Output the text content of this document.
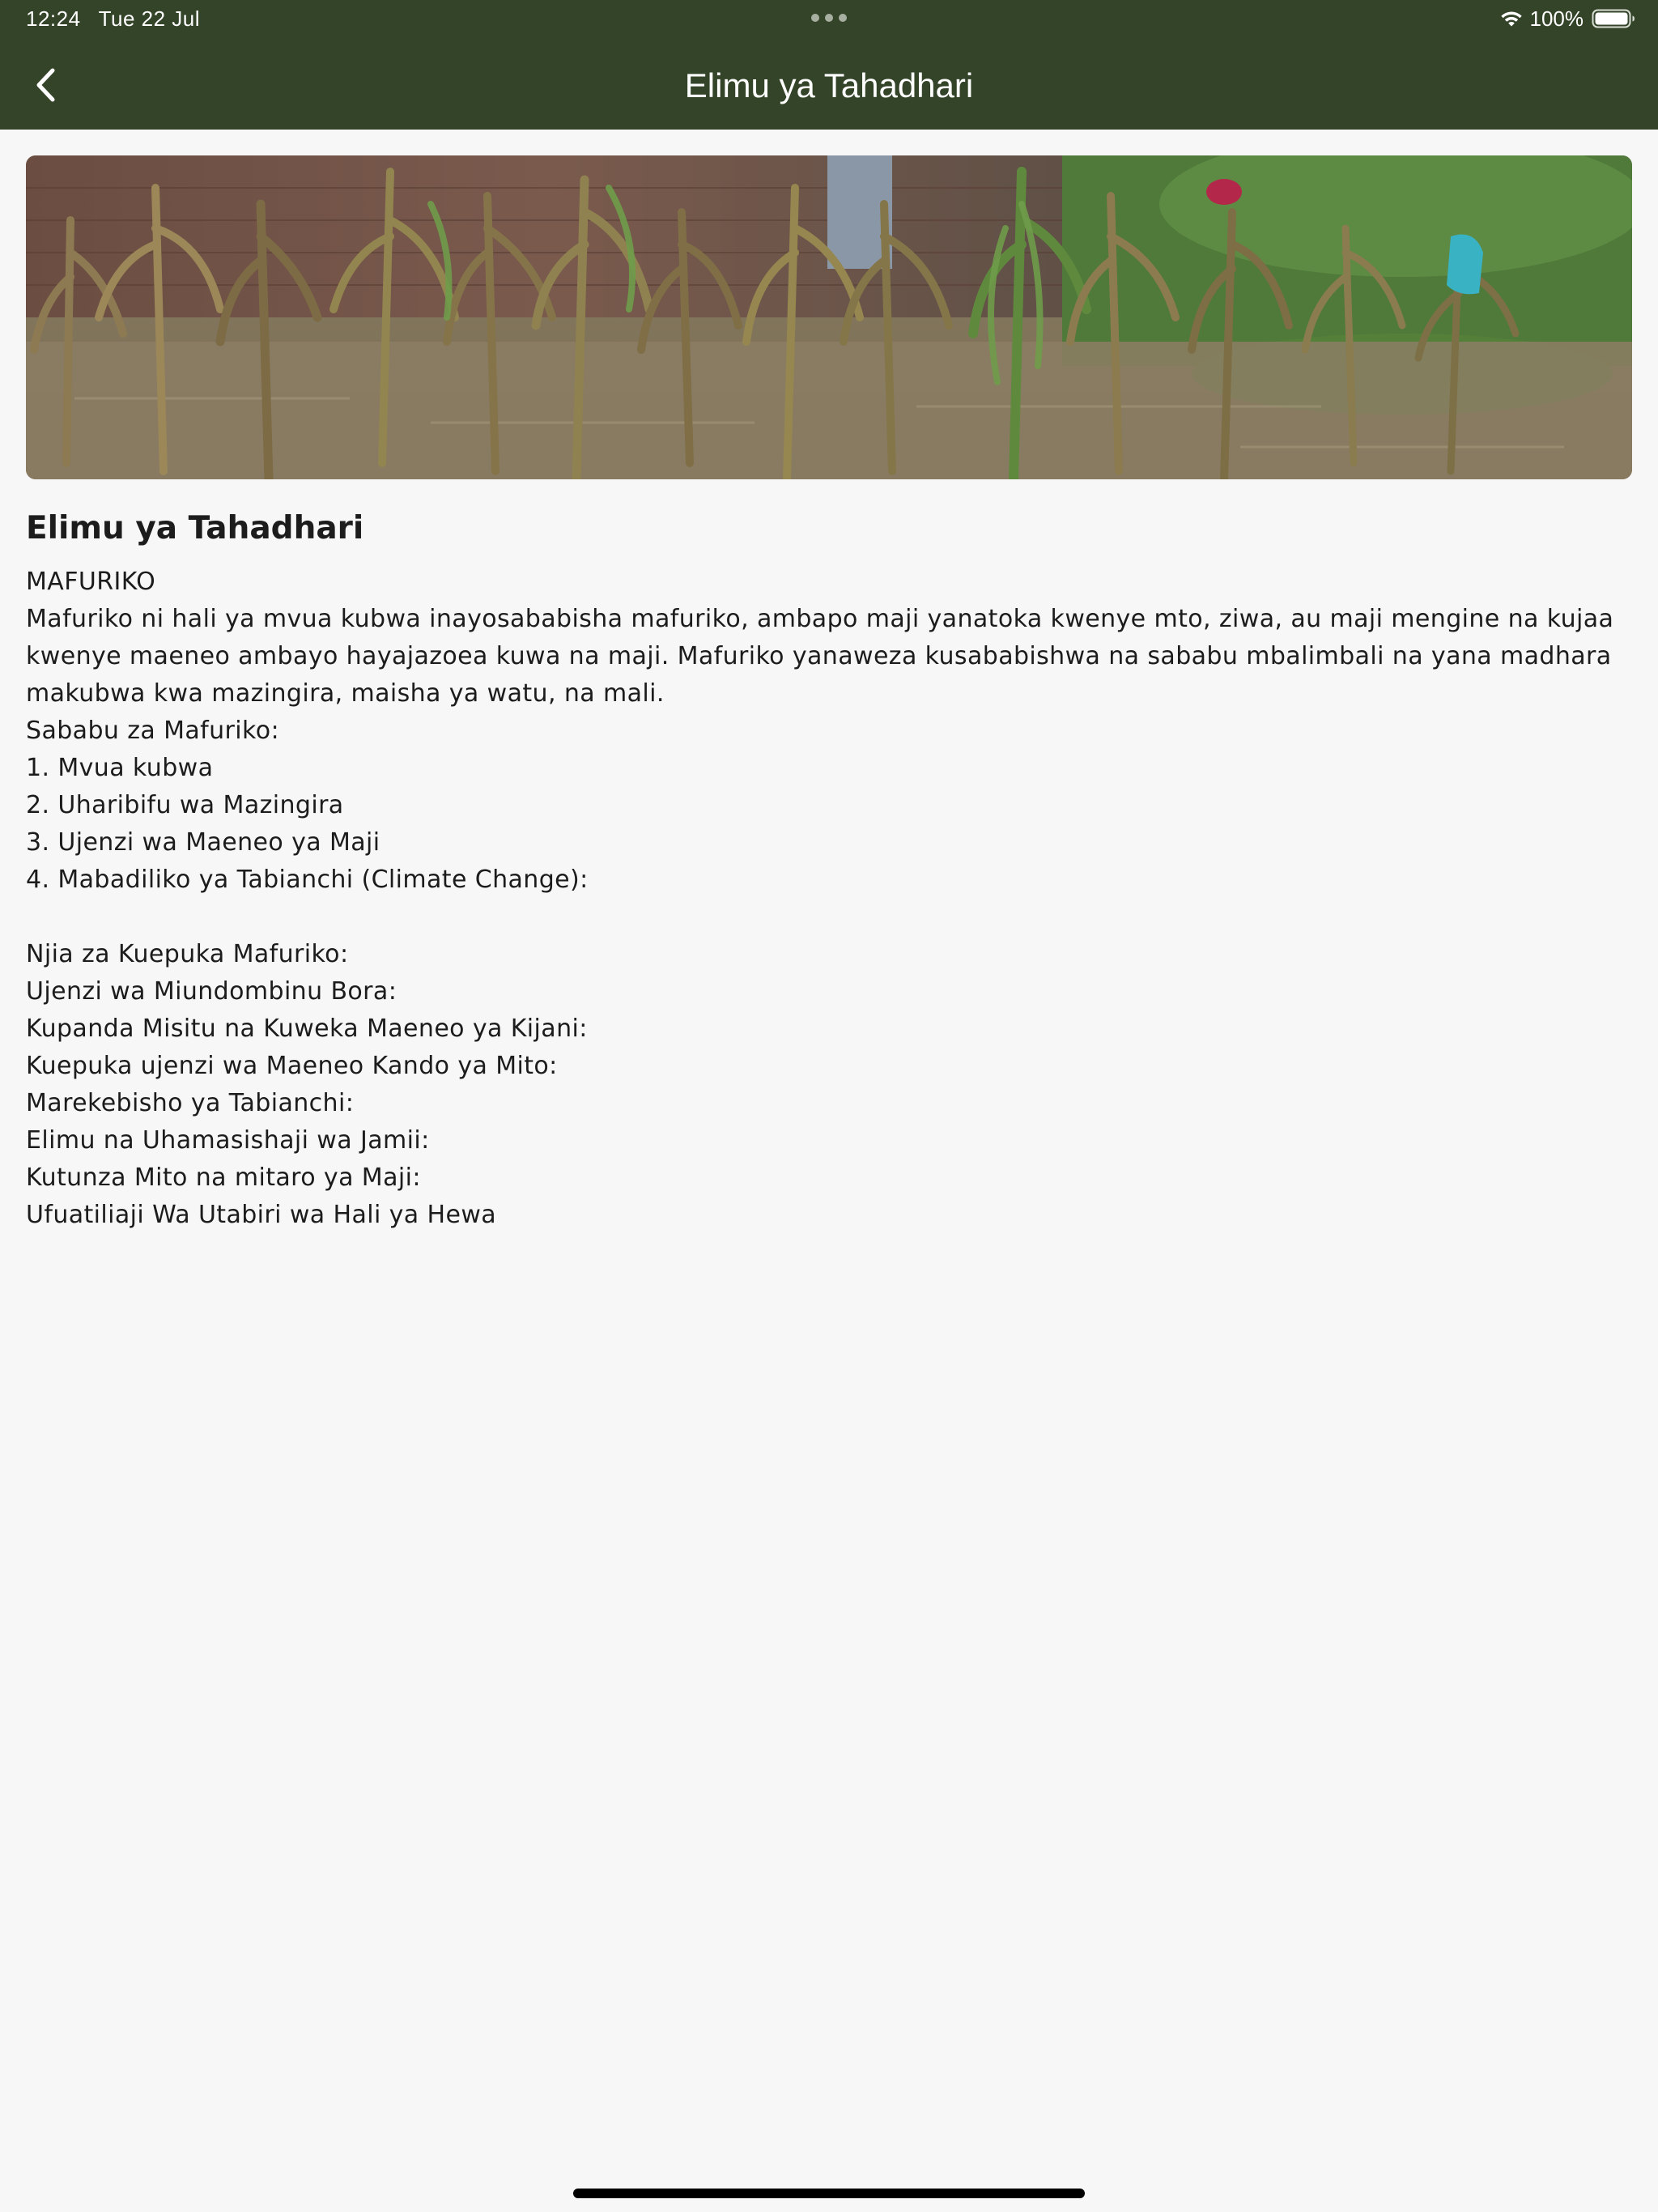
12:24 Tue 22 Jul	100%
Elimu ya Tahadhari
Elimu ya Tahadhari

MAFURIKO

Mafuriko ni hali ya mvua kubwa inayosababisha mafuriko, ambapo maji yanatoka kwenye mto, ziwa, au maji mengine na kujaa kwenye maeneo ambayo hayajazoea kuwa na maji. Mafuriko yanaweza kusababishwa na sababu mbalimbali na yana madhara makubwa kwa mazingira, maisha ya watu, na mali.

Sababu za Mafuriko:

1. Mvua kubwa

2. Uharibifu wa Mazingira

3. Ujenzi wa Maeneo ya Maji

4. Mabadiliko ya Tabianchi (Climate Change):

Njia za Kuepuka Mafuriko:

Ujenzi wa Miundombinu Bora:

Kupanda Misitu na Kuweka Maeneo ya Kijani:

Kuepuka ujenzi wa Maeneo Kando ya Mito:

Marekebisho ya Tabianchi:

Elimu na Uhamasishaji wa Jamii:

Kutunza Mito na mitaro ya Maji:

Ufuatiliaji Wa Utabiri wa Hali ya Hewa
